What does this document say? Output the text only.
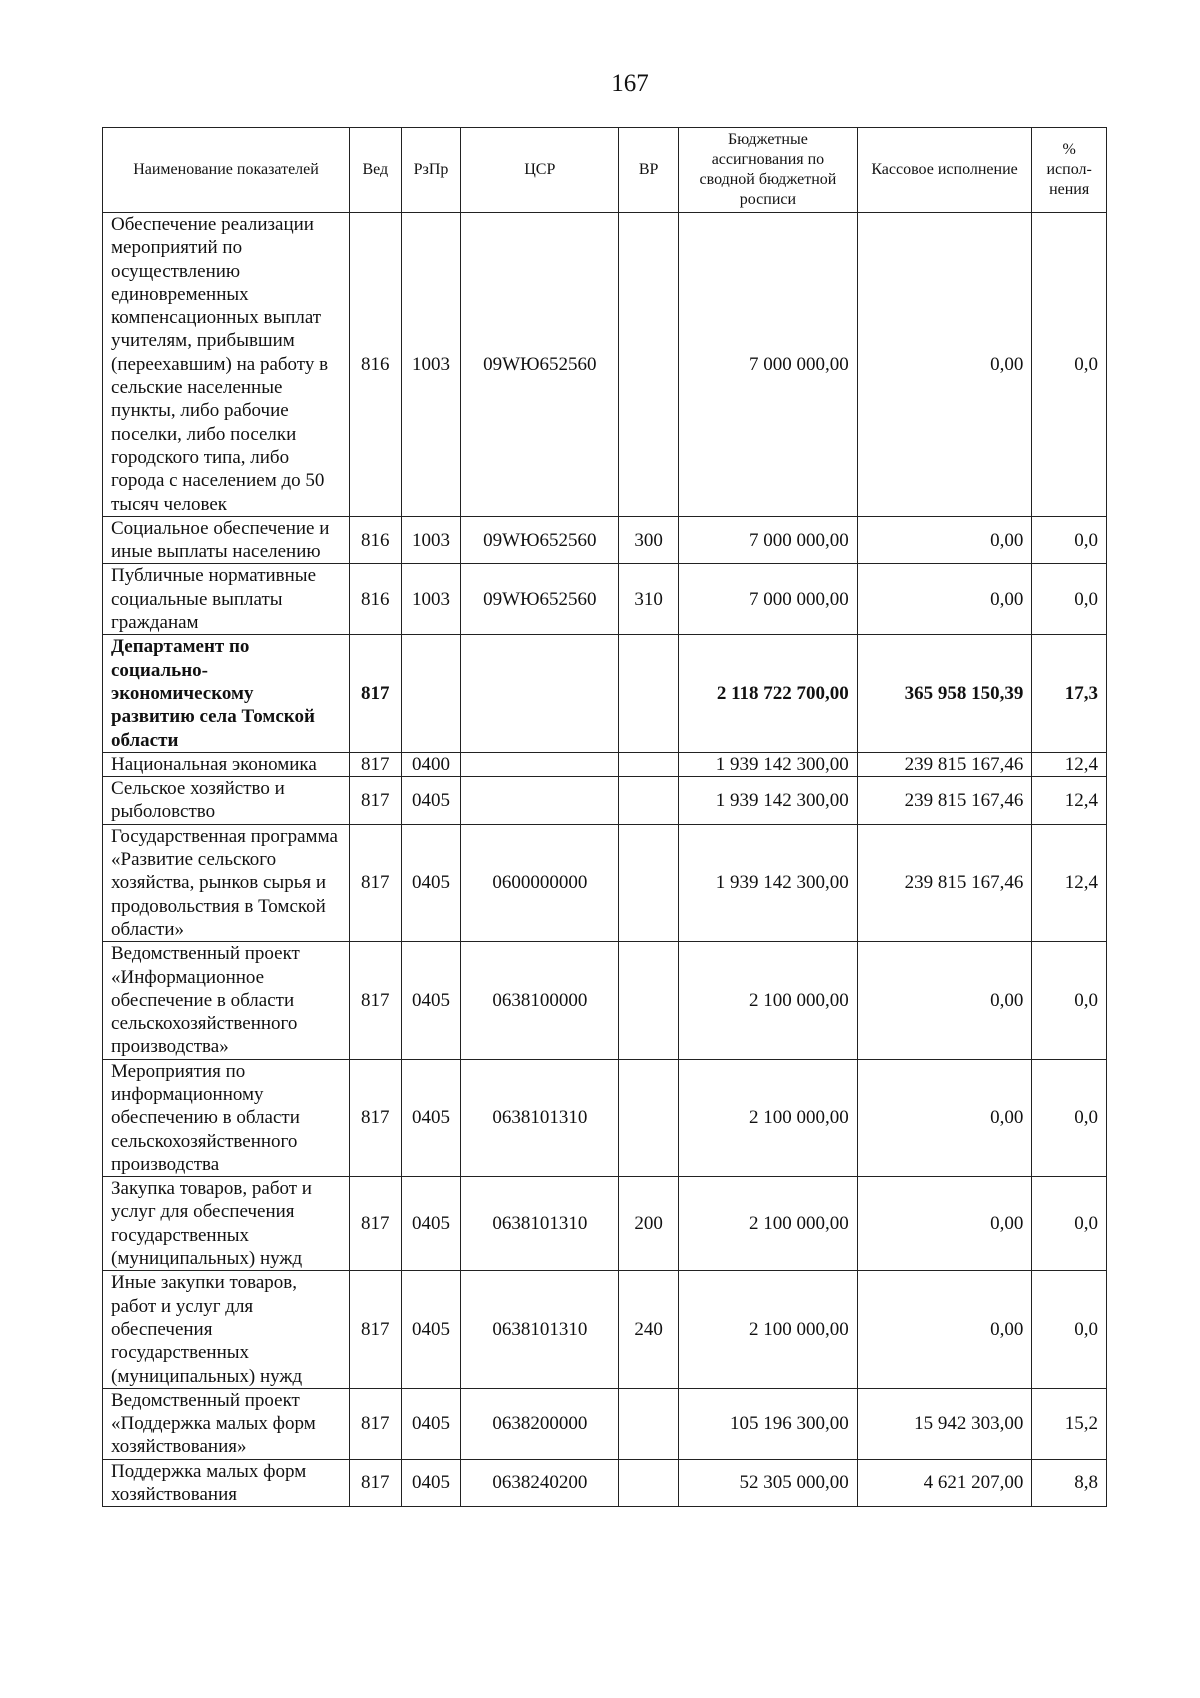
167
Наименование показателей	Вед	РзПр	ЦСР	ВР	Бюджетные ассигнования по сводной бюджетной росписи	Кассовое исполнение	% испол-нения
Обеспечение реализации мероприятий по осуществлению единовременных компенсационных выплат учителям, прибывшим (переехавшим) на работу в сельские населенные пункты, либо рабочие поселки, либо поселки городского типа, либо города с населением до 50 тысяч человек	816	1003	09WЮ652560		7 000 000,00	0,00	0,0
Социальное обеспечение и иные выплаты населению	816	1003	09WЮ652560	300	7 000 000,00	0,00	0,0
Публичные нормативные социальные выплаты гражданам	816	1003	09WЮ652560	310	7 000 000,00	0,00	0,0
Департамент по социально-экономическому развитию села Томской области	817				2 118 722 700,00	365 958 150,39	17,3
Национальная экономика	817	0400			1 939 142 300,00	239 815 167,46	12,4
Сельское хозяйство и рыболовство	817	0405			1 939 142 300,00	239 815 167,46	12,4
Государственная программа «Развитие сельского хозяйства, рынков сырья и продовольствия в Томской области»	817	0405	0600000000		1 939 142 300,00	239 815 167,46	12,4
Ведомственный проект «Информационное обеспечение в области сельскохозяйственного производства»	817	0405	0638100000		2 100 000,00	0,00	0,0
Мероприятия по информационному обеспечению в области сельскохозяйственного производства	817	0405	0638101310		2 100 000,00	0,00	0,0
Закупка товаров, работ и услуг для обеспечения государственных (муниципальных) нужд	817	0405	0638101310	200	2 100 000,00	0,00	0,0
Иные закупки товаров, работ и услуг для обеспечения государственных (муниципальных) нужд	817	0405	0638101310	240	2 100 000,00	0,00	0,0
Ведомственный проект «Поддержка малых форм хозяйствования»	817	0405	0638200000		105 196 300,00	15 942 303,00	15,2
Поддержка малых форм хозяйствования	817	0405	0638240200		52 305 000,00	4 621 207,00	8,8
